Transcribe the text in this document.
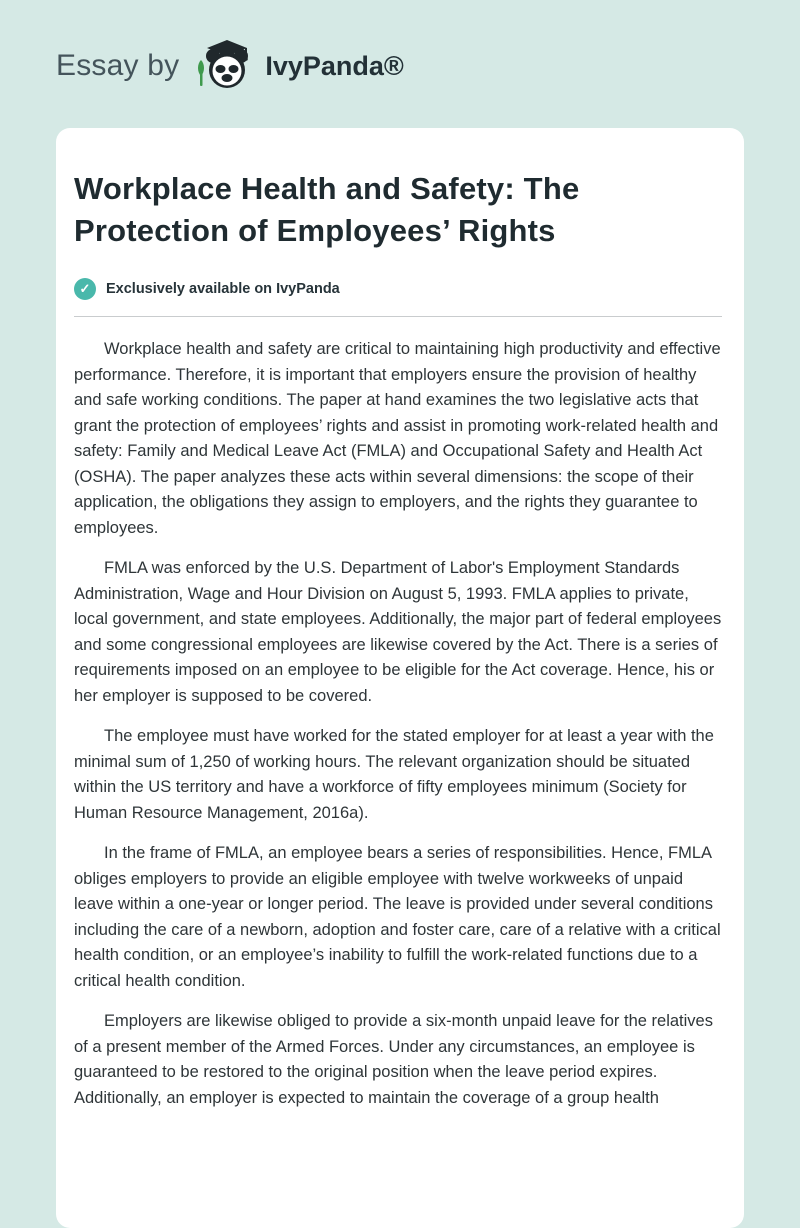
Essay by	IvyPanda®
Workplace Health and Safety: The Protection of Employees’ Rights
✓	Exclusively available on IvyPanda

Workplace health and safety are critical to maintaining high productivity and effective performance. Therefore, it is important that employers ensure the provision of healthy and safe working conditions. The paper at hand examines the two legislative acts that grant the protection of employees’ rights and assist in promoting work-related health and safety: Family and Medical Leave Act (FMLA) and Occupational Safety and Health Act (OSHA). The paper analyzes these acts within several dimensions: the scope of their application, the obligations they assign to employers, and the rights they guarantee to employees.

FMLA was enforced by the U.S. Department of Labor's Employment Standards Administration, Wage and Hour Division on August 5, 1993. FMLA applies to private, local government, and state employees. Additionally, the major part of federal employees and some congressional employees are likewise covered by the Act. There is a series of requirements imposed on an employee to be eligible for the Act coverage. Hence, his or her employer is supposed to be covered.

The employee must have worked for the stated employer for at least a year with the minimal sum of 1,250 of working hours. The relevant organization should be situated within the US territory and have a workforce of fifty employees minimum (Society for Human Resource Management, 2016a).

In the frame of FMLA, an employee bears a series of responsibilities. Hence, FMLA obliges employers to provide an eligible employee with twelve workweeks of unpaid leave within a one-year or longer period. The leave is provided under several conditions including the care of a newborn, adoption and foster care, care of a relative with a critical health condition, or an employee’s inability to fulfill the work-related functions due to a critical health condition.

Employers are likewise obliged to provide a six-month unpaid leave for the relatives of a present member of the Armed Forces. Under any circumstances, an employee is guaranteed to be restored to the original position when the leave period expires. Additionally, an employer is expected to maintain the coverage of a group health
